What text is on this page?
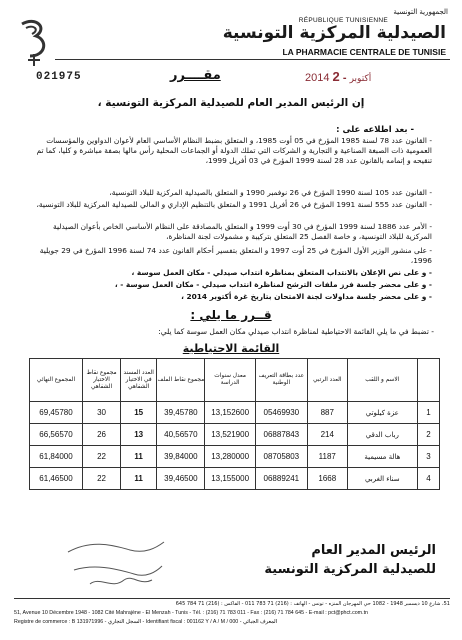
الجمهورية التونسية
RÉPUBLIQUE TUNISIENNE
الصيدلية المركزية التونسية
LA PHARMACIE CENTRALE DE TUNISIE
021975	مقــــرر	2014 أكتوبر - 2
إن الرئيس المدير العام للصيدلية المركزية التونسية ،
- بعد اطلاعه على :
- القانون عدد 78 لسنة 1985 المؤرخ في 05 أوت 1985، و المتعلق بضبط النظام الأساسي العام لأعوان الدواوين والمؤسسات العمومية ذات الصبغة الصناعية و التجارية و الشركات التي تملك الدولة أو الجماعات المحلية رأس مالها بصفة مباشرة و كليا، كما تم تنقيحه و إتمامه بالقانون عدد 28 لسنة 1999 المؤرخ في 03 أفريل 1999،
- القانون عدد 105 لسنة 1990 المؤرخ في 26 نوفمبر 1990 و المتعلق بالصيدلية المركزية للبلاد التونسية،
- القانون عدد 555 لسنة 1991 المؤرخ في 26 أفريل 1991 و المتعلق بالتنظيم الإداري و المالي للصيدلية المركزية للبلاد التونسية،
- الأمر عدد 1886 لسنة 1999 المؤرخ في 30 أوت 1999 و المتعلق بالمصادقة على النظام الأساسي الخاص بأعوان الصيدلية المركزية للبلاد التونسية، و خاصة الفصل 25 المتعلق بتركيبة و مشمولات لجنة المناظرة،
- على منشور الوزير الأول المؤرخ في 25 أوت 1997 و المتعلق بتفسير أحكام القانون عدد 74 لسنة 1996 المؤرخ في 29 جويلية 1996،
- و على نص الإعلان بالانتداب المتعلق بمناظرة انتداب صيدلي - مكان العمل سوسة ،
- و على محضر جلسة فرز ملفات الترشح لمناظرة انتداب صيدلي - مكان العمل سوسة - ،
- و على محضر جلسة مداولات لجنة الامتحان بتاريخ غرة أكتوبر 2014 ،
قــرر ما يلي :
- تضبط في ما يلي القائمة الاحتياطية لمناظرة انتداب صيدلي مكان العمل سوسة كما يلي:
القائمة الاحتياطية
	الاسم و اللقب	العدد الرتبي	عدد بطاقة التعريف الوطنية	معدل سنوات الدراسة	مجموع نقاط الملف	العدد المسند في الاختبار الشفاهي	مجموع نقاط الاختبار الشفاهي	المجموع النهائي
1	عزة كيلوتي	887	05469930	13,152600	39,45780	15	30	69,45780
2	رباب الدقي	214	06887843	13,521900	40,56570	13	26	66,56570
3	هالة مسيمية	1187	08705803	13,280000	39,84000	11	22	61,84000
4	سناء الغربي	1668	06889241	13,155000	39,46500	11	22	61,46500
الرئيس المدير العام
للصيدلية المركزية التونسية
51، شارع 10 ديسمبر 1948 - 1082 حي المهرجان المنزه - تونس - الهاتف : (216) 71 783 011 - الفاكس : (216) 71 784 645
51, Avenue 10 Décembre 1948 - 1082 Cité Mahrajène - El Menzah - Tunis - Tél. : (216) 71 783 011 - Fax : (216) 71 784 645 - E-mail : pct@phct.com.tn
Registre de commerce : B 131971996 - السجل التجاري - Identifiant fiscal : 001162 Y / A / M / 000 - المعرف الجبائي
